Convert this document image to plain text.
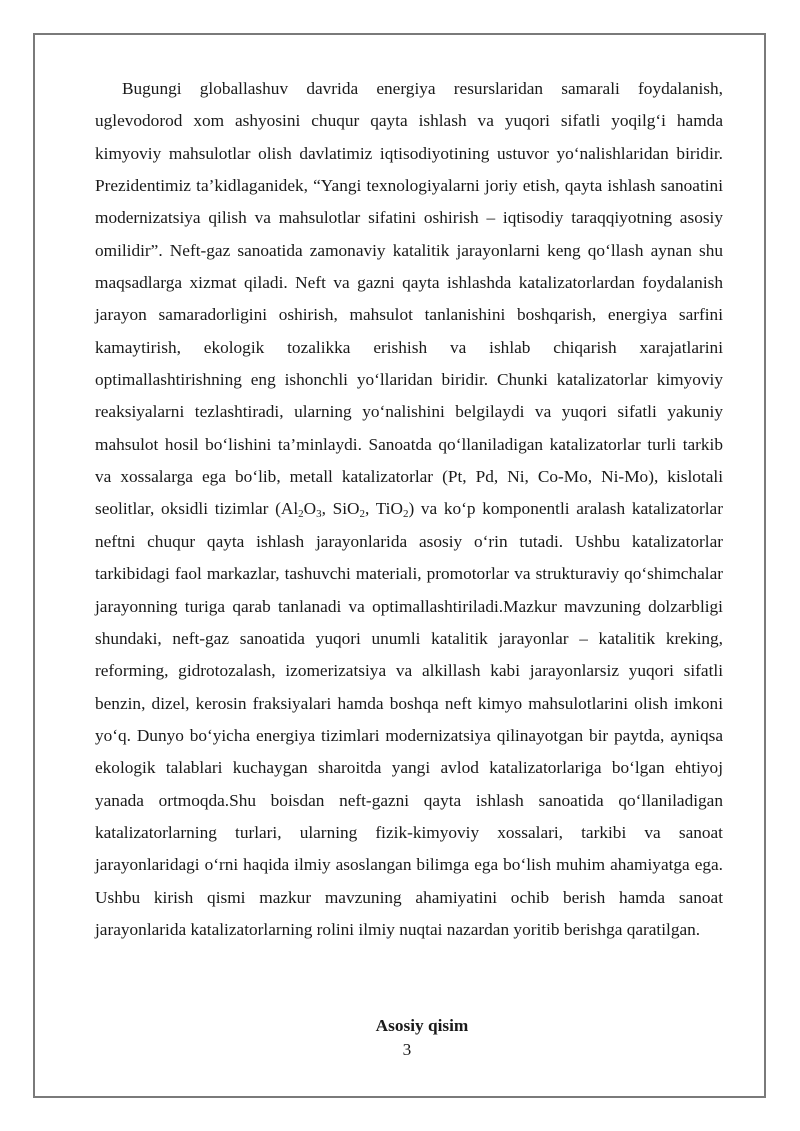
Bugungi globallashuv davrida energiya resurslaridan samarali foydalanish, uglevodorod xom ashyosini chuqur qayta ishlash va yuqori sifatli yoqilg‘i hamda kimyoviy mahsulotlar olish davlatimiz iqtisodiyotining ustuvor yo‘nalishlaridan biridir. Prezidentimiz ta’kidlaganidek, “Yangi texnologiyalarni joriy etish, qayta ishlash sanoatini modernizatsiya qilish va mahsulotlar sifatini oshirish – iqtisodiy taraqqiyotning asosiy omilidir”. Neft-gaz sanoatida zamonaviy katalitik jarayonlarni keng qo‘llash aynan shu maqsadlarga xizmat qiladi. Neft va gazni qayta ishlashda katalizatorlardan foydalanish jarayon samaradorligini oshirish, mahsulot tanlanishini boshqarish, energiya sarfini kamaytirish, ekologik tozalikka erishish va ishlab chiqarish xarajatlarini optimallashtirishning eng ishonchli yo‘llaridan biridir. Chunki katalizatorlar kimyoviy reaksiyalarni tezlashtiradi, ularning yo‘nalishini belgilaydi va yuqori sifatli yakuniy mahsulot hosil bo‘lishini ta’minlaydi. Sanoatda qo‘llaniladigan katalizatorlar turli tarkib va xossalarga ega bo‘lib, metall katalizatorlar (Pt, Pd, Ni, Co-Mo, Ni-Mo), kislotali seolitlar, oksidli tizimlar ($Al_2O_3$, SiO$_2$, TiO$_2$) va ko‘p komponentli aralash katalizatorlar neftni chuqur qayta ishlash jarayonlarida asosiy o‘rin tutadi. Ushbu katalizatorlar tarkibidagi faol markazlar, tashuvchi materiali, promotorlar va strukturaviy qo‘shimchalar jarayonning turiga qarab tanlanadi va optimallashtiriladi.Mazkur mavzuning dolzarbligi shundaki, neft-gaz sanoatida yuqori unumli katalitik jarayonlar – katalitik kreking, reforming, gidrotozalash, izomerizatsiya va alkillash kabi jarayonlarsiz yuqori sifatli benzin, dizel, kerosin fraksiyalari hamda boshqa neft kimyo mahsulotlarini olish imkoni yo‘q. Dunyo bo‘yicha energiya tizimlari modernizatsiya qilinayotgan bir paytda, ayniqsa ekologik talablari kuchaygan sharoitda yangi avlod katalizatorlariga bo‘lgan ehtiyoj yanada ortmoqda.Shu boisdan neft-gazni qayta ishlash sanoatida qo‘llaniladigan katalizatorlarning turlari, ularning fizik-kimyoviy xossalari, tarkibi va sanoat jarayonlaridagi o‘rni haqida ilmiy asoslangan bilimga ega bo‘lish muhim ahamiyatga ega. Ushbu kirish qismi mazkur mavzuning ahamiyatini ochib berish hamda sanoat jarayonlarida katalizatorlarning rolini ilmiy nuqtai nazardan yoritib berishga qaratilgan.

Asosiy qisim

3
